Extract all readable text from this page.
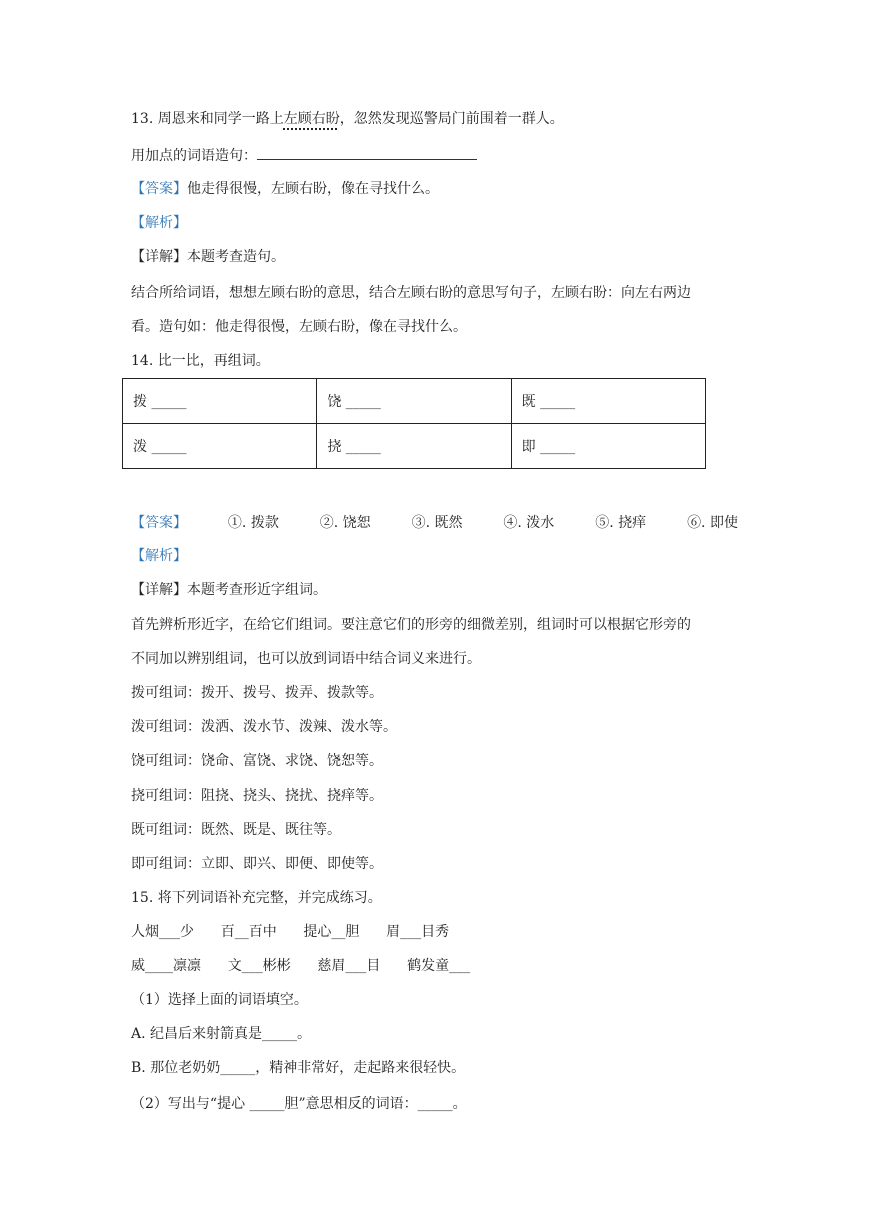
13. 周恩来和同学一路上左顾右盼，忽然发现巡警局门前围着一群人。
用加点的词语造句：
【答案】他走得很慢，左顾右盼，像在寻找什么。
【解析】
【详解】本题考查造句。
结合所给词语，想想左顾右盼的意思，结合左顾右盼的意思写句子，左顾右盼：向左右两边
看。造句如：他走得很慢，左顾右盼，像在寻找什么。
14. 比一比，再组词。
拨 _____	饶 _____	既 _____
泼 _____	挠 _____	即 _____
【答案】	①. 拨款	②. 饶恕	③. 既然	④. 泼水	⑤. 挠痒	⑥. 即使
【解析】
【详解】本题考查形近字组词。
首先辨析形近字，在给它们组词。要注意它们的形旁的细微差别，组词时可以根据它形旁的
不同加以辨别组词，也可以放到词语中结合词义来进行。
拨可组词：拨开、拨号、拨弄、拨款等。
泼可组词：泼洒、泼水节、泼辣、泼水等。
饶可组词：饶命、富饶、求饶、饶恕等。
挠可组词：阻挠、挠头、挠扰、挠痒等。
既可组词：既然、既是、既往等。
即可组词：立即、即兴、即便、即使等。
15. 将下列词语补充完整，并完成练习。
人烟___少      百__百中      提心__胆      眉___目秀
威____凛凛      文___彬彬      慈眉___目      鹤发童___
（1）选择上面的词语填空。
A. 纪昌后来射箭真是_____。
B. 那位老奶奶_____，精神非常好，走起路来很轻快。
（2）写出与“提心 _____胆”意思相反的词语：_____。
